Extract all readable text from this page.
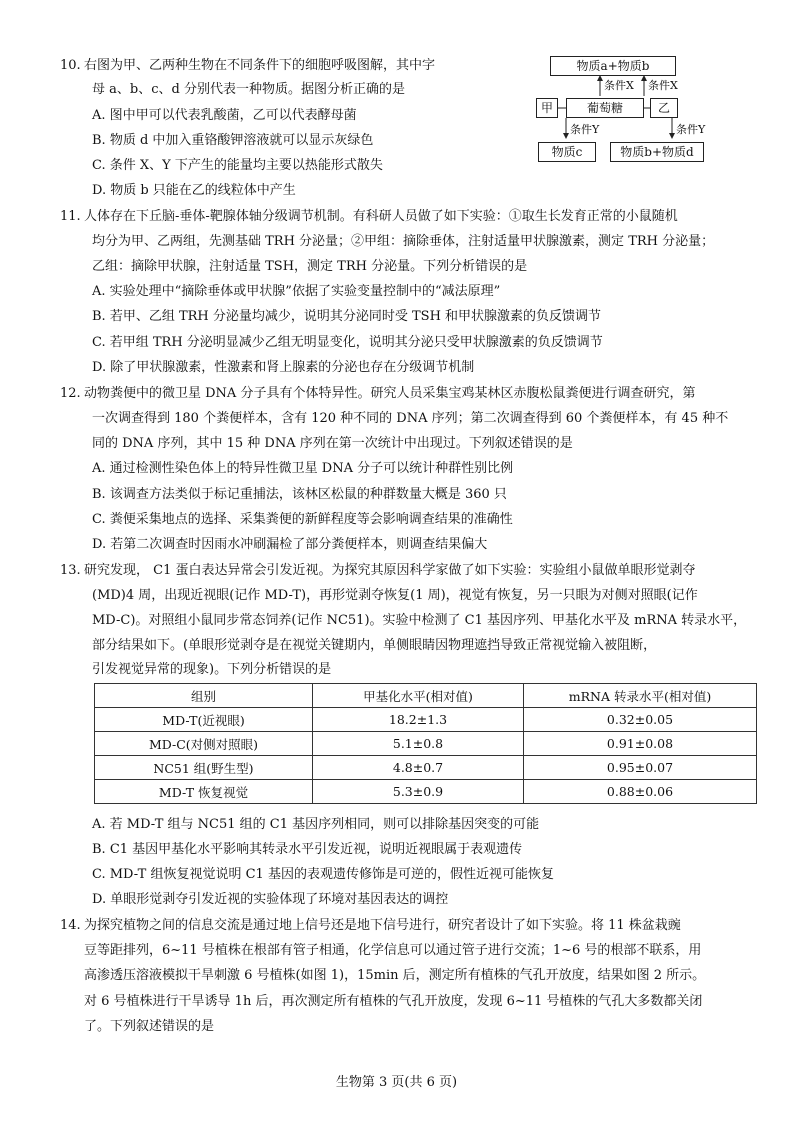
10. 右图为甲、乙两种生物在不同条件下的细胞呼吸图解，其中字
母 a、b、c、d 分别代表一种物质。据图分析正确的是
A. 图中甲可以代表乳酸菌，乙可以代表酵母菌
B. 物质 d 中加入重铬酸钾溶液就可以显示灰绿色
C. 条件 X、Y 下产生的能量均主要以热能形式散失
D. 物质 b 只能在乙的线粒体中产生
物质a+物质b
甲	葡萄糖	乙
物质c	物质b+物质d
条件X 条件X
条件Y	条件Y
11. 人体存在下丘脑-垂体-靶腺体轴分级调节机制。有科研人员做了如下实验：①取生长发育正常的小鼠随机
均分为甲、乙两组，先测基础 TRH 分泌量；②甲组：摘除垂体，注射适量甲状腺激素，测定 TRH 分泌量；
乙组：摘除甲状腺，注射适量 TSH，测定 TRH 分泌量。下列分析错误的是
A. 实验处理中“摘除垂体或甲状腺”依据了实验变量控制中的“减法原理”
B. 若甲、乙组 TRH 分泌量均减少，说明其分泌同时受 TSH 和甲状腺激素的负反馈调节
C. 若甲组 TRH 分泌明显减少乙组无明显变化，说明其分泌只受甲状腺激素的负反馈调节
D. 除了甲状腺激素，性激素和肾上腺素的分泌也存在分级调节机制
12. 动物粪便中的微卫星 DNA 分子具有个体特异性。研究人员采集宝鸡某林区赤腹松鼠粪便进行调查研究，第
一次调查得到 180 个粪便样本，含有 120 种不同的 DNA 序列；第二次调查得到 60 个粪便样本，有 45 种不
同的 DNA 序列，其中 15 种 DNA 序列在第一次统计中出现过。下列叙述错误的是
A. 通过检测性染色体上的特异性微卫星 DNA 分子可以统计种群性别比例
B. 该调查方法类似于标记重捕法，该林区松鼠的种群数量大概是 360 只
C. 粪便采集地点的选择、采集粪便的新鲜程度等会影响调查结果的准确性
D. 若第二次调查时因雨水冲刷漏检了部分粪便样本，则调查结果偏大
13. 研究发现， C1 蛋白表达异常会引发近视。为探究其原因科学家做了如下实验：实验组小鼠做单眼形觉剥夺
(MD)4 周，出现近视眼(记作 MD-T)，再形觉剥夺恢复(1 周)，视觉有恢复，另一只眼为对侧对照眼(记作
MD-C)。对照组小鼠同步常态饲养(记作 NC51)。实验中检测了 C1 基因序列、甲基化水平及 mRNA 转录水平，
部分结果如下。(单眼形觉剥夺是在视觉关键期内，单侧眼睛因物理遮挡导致正常视觉输入被阻断，
引发视觉异常的现象)。下列分析错误的是
组别	甲基化水平(相对值)	mRNA 转录水平(相对值)
MD-T(近视眼)	18.2±1.3	0.32±0.05
MD-C(对侧对照眼)	5.1±0.8	0.91±0.08
NC51 组(野生型)	4.8±0.7	0.95±0.07
MD-T 恢复视觉	5.3±0.9	0.88±0.06
A. 若 MD-T 组与 NC51 组的 C1 基因序列相同，则可以排除基因突变的可能
B. C1 基因甲基化水平影响其转录水平引发近视，说明近视眼属于表观遗传
C. MD-T 组恢复视觉说明 C1 基因的表观遗传修饰是可逆的，假性近视可能恢复
D. 单眼形觉剥夺引发近视的实验体现了环境对基因表达的调控
14. 为探究植物之间的信息交流是通过地上信号还是地下信号进行，研究者设计了如下实验。将 11 株盆栽豌
豆等距排列，6~11 号植株在根部有管子相通，化学信息可以通过管子进行交流；1~6 号的根部不联系，用
高渗透压溶液模拟干旱刺激 6 号植株(如图 1)，15min 后，测定所有植株的气孔开放度，结果如图 2 所示。
对 6 号植株进行干旱诱导 1h 后，再次测定所有植株的气孔开放度，发现 6~11 号植株的气孔大多数都关闭
了。下列叙述错误的是
生物第 3 页(共 6 页)
